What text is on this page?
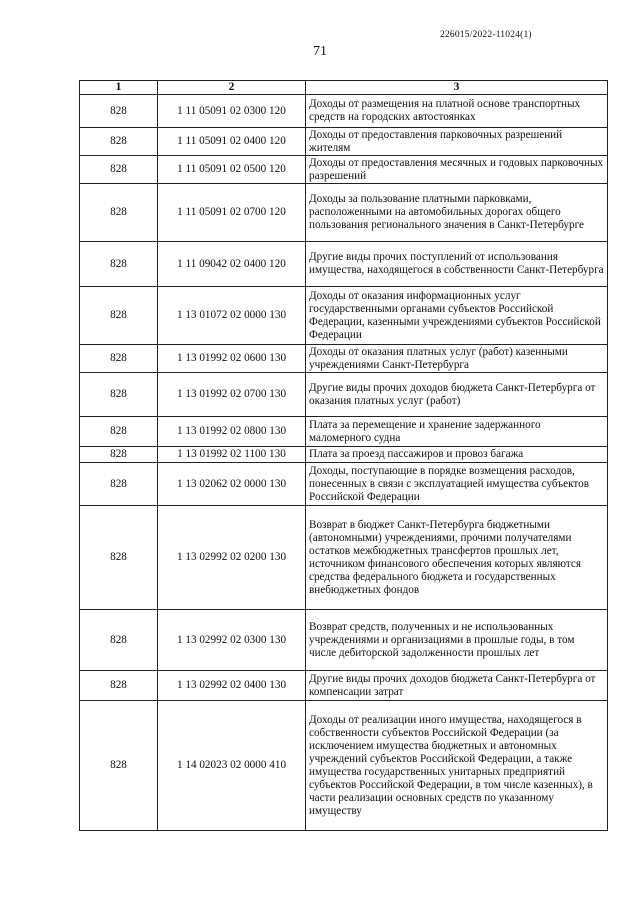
226015/2022-11024(1)
71
1	2	3
828	1 11 05091 02 0300 120	Доходы от размещения на платной основе транспортных средств на городских автостоянках
828	1 11 05091 02 0400 120	Доходы от предоставления парковочных разрешений жителям
828	1 11 05091 02 0500 120	Доходы от предоставления месячных и годовых парковочных разрешений
828	1 11 05091 02 0700 120	Доходы за пользование платными парковками, расположенными на автомобильных дорогах общего пользования регионального значения в Санкт-Петербурге
828	1 11 09042 02 0400 120	Другие виды прочих поступлений от использования имущества, находящегося в собственности Санкт-Петербурга
828	1 13 01072 02 0000 130	Доходы от оказания информационных услуг государственными органами субъектов Российской Федерации, казенными учреждениями субъектов Российской Федерации
828	1 13 01992 02 0600 130	Доходы от оказания платных услуг (работ) казенными учреждениями Санкт-Петербурга
828	1 13 01992 02 0700 130	Другие виды прочих доходов бюджета Санкт-Петербурга от оказания платных услуг (работ)
828	1 13 01992 02 0800 130	Плата за перемещение и хранение задержанного маломерного судна
828	1 13 01992 02 1100 130	Плата за проезд пассажиров и провоз багажа
828	1 13 02062 02 0000 130	Доходы, поступающие в порядке возмещения расходов, понесенных в связи с эксплуатацией имущества субъектов Российской Федерации
828	1 13 02992 02 0200 130	Возврат в бюджет Санкт-Петербурга бюджетными (автономными) учреждениями, прочими получателями остатков межбюджетных трансфертов прошлых лет, источником финансового обеспечения которых являются средства федерального бюджета и государственных внебюджетных фондов
828	1 13 02992 02 0300 130	Возврат средств, полученных и не использованных учреждениями и организациями в прошлые годы, в том числе дебиторской задолженности прошлых лет
828	1 13 02992 02 0400 130	Другие виды прочих доходов бюджета Санкт-Петербурга от компенсации затрат
828	1 14 02023 02 0000 410	Доходы от реализации иного имущества, находящегося в собственности субъектов Российской Федерации (за исключением имущества бюджетных и автономных учреждений субъектов Российской Федерации, а также имущества государственных унитарных предприятий субъектов Российской Федерации, в том числе казенных), в части реализации основных средств по указанному имуществу
